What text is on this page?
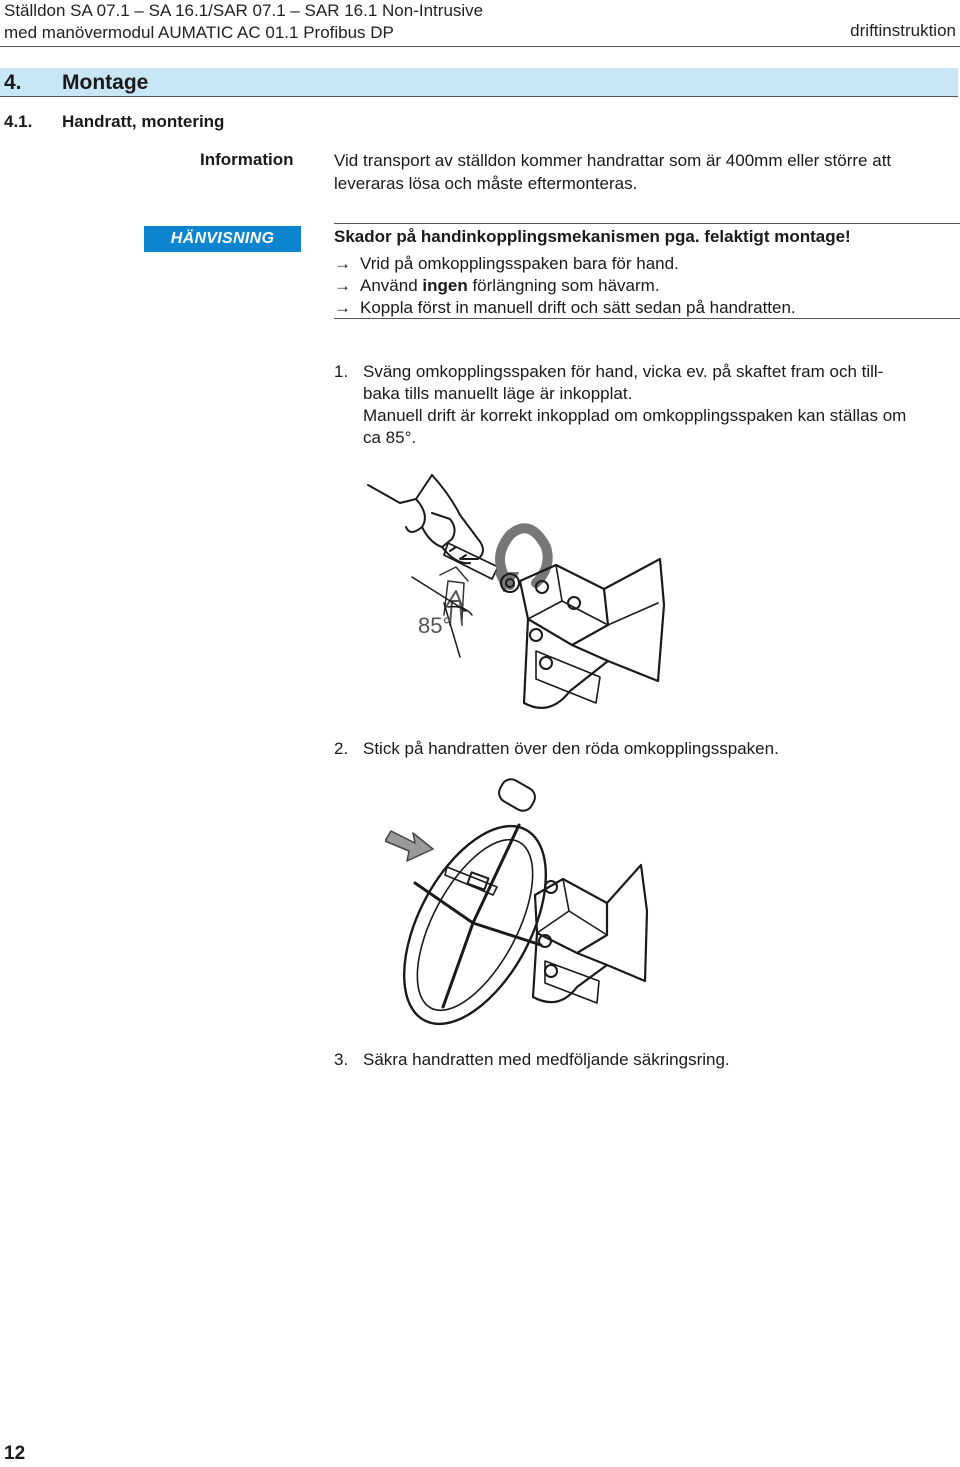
Ställdon SA 07.1 – SA 16.1/SAR 07.1 – SAR 16.1 Non-Intrusive
med manövermodul AUMATIC AC 01.1 Profibus DP	driftinstruktion
4. Montage
4.1. Handratt, montering
Information Vid transport av ställdon kommer handrattar som är 400mm eller större att leveraras lösa och måste eftermonteras.
HÄNVISNING	Skador på handinkopplingsmekanismen pga. felaktigt montage!
→ Vrid på omkopplingsspaken bara för hand.
→ Använd ingen förlängning som hävarm.
→ Koppla först in manuell drift och sätt sedan på handratten.
1. Sväng omkopplingsspaken för hand, vicka ev. på skaftet fram och till-
baka tills manuellt läge är inkopplat.
Manuell drift är korrekt inkopplad om omkopplingsspaken kan ställas om
ca 85°.
85°
2. Stick på handratten över den röda omkopplingsspaken.
3. Säkra handratten med medföljande säkringsring.
12
